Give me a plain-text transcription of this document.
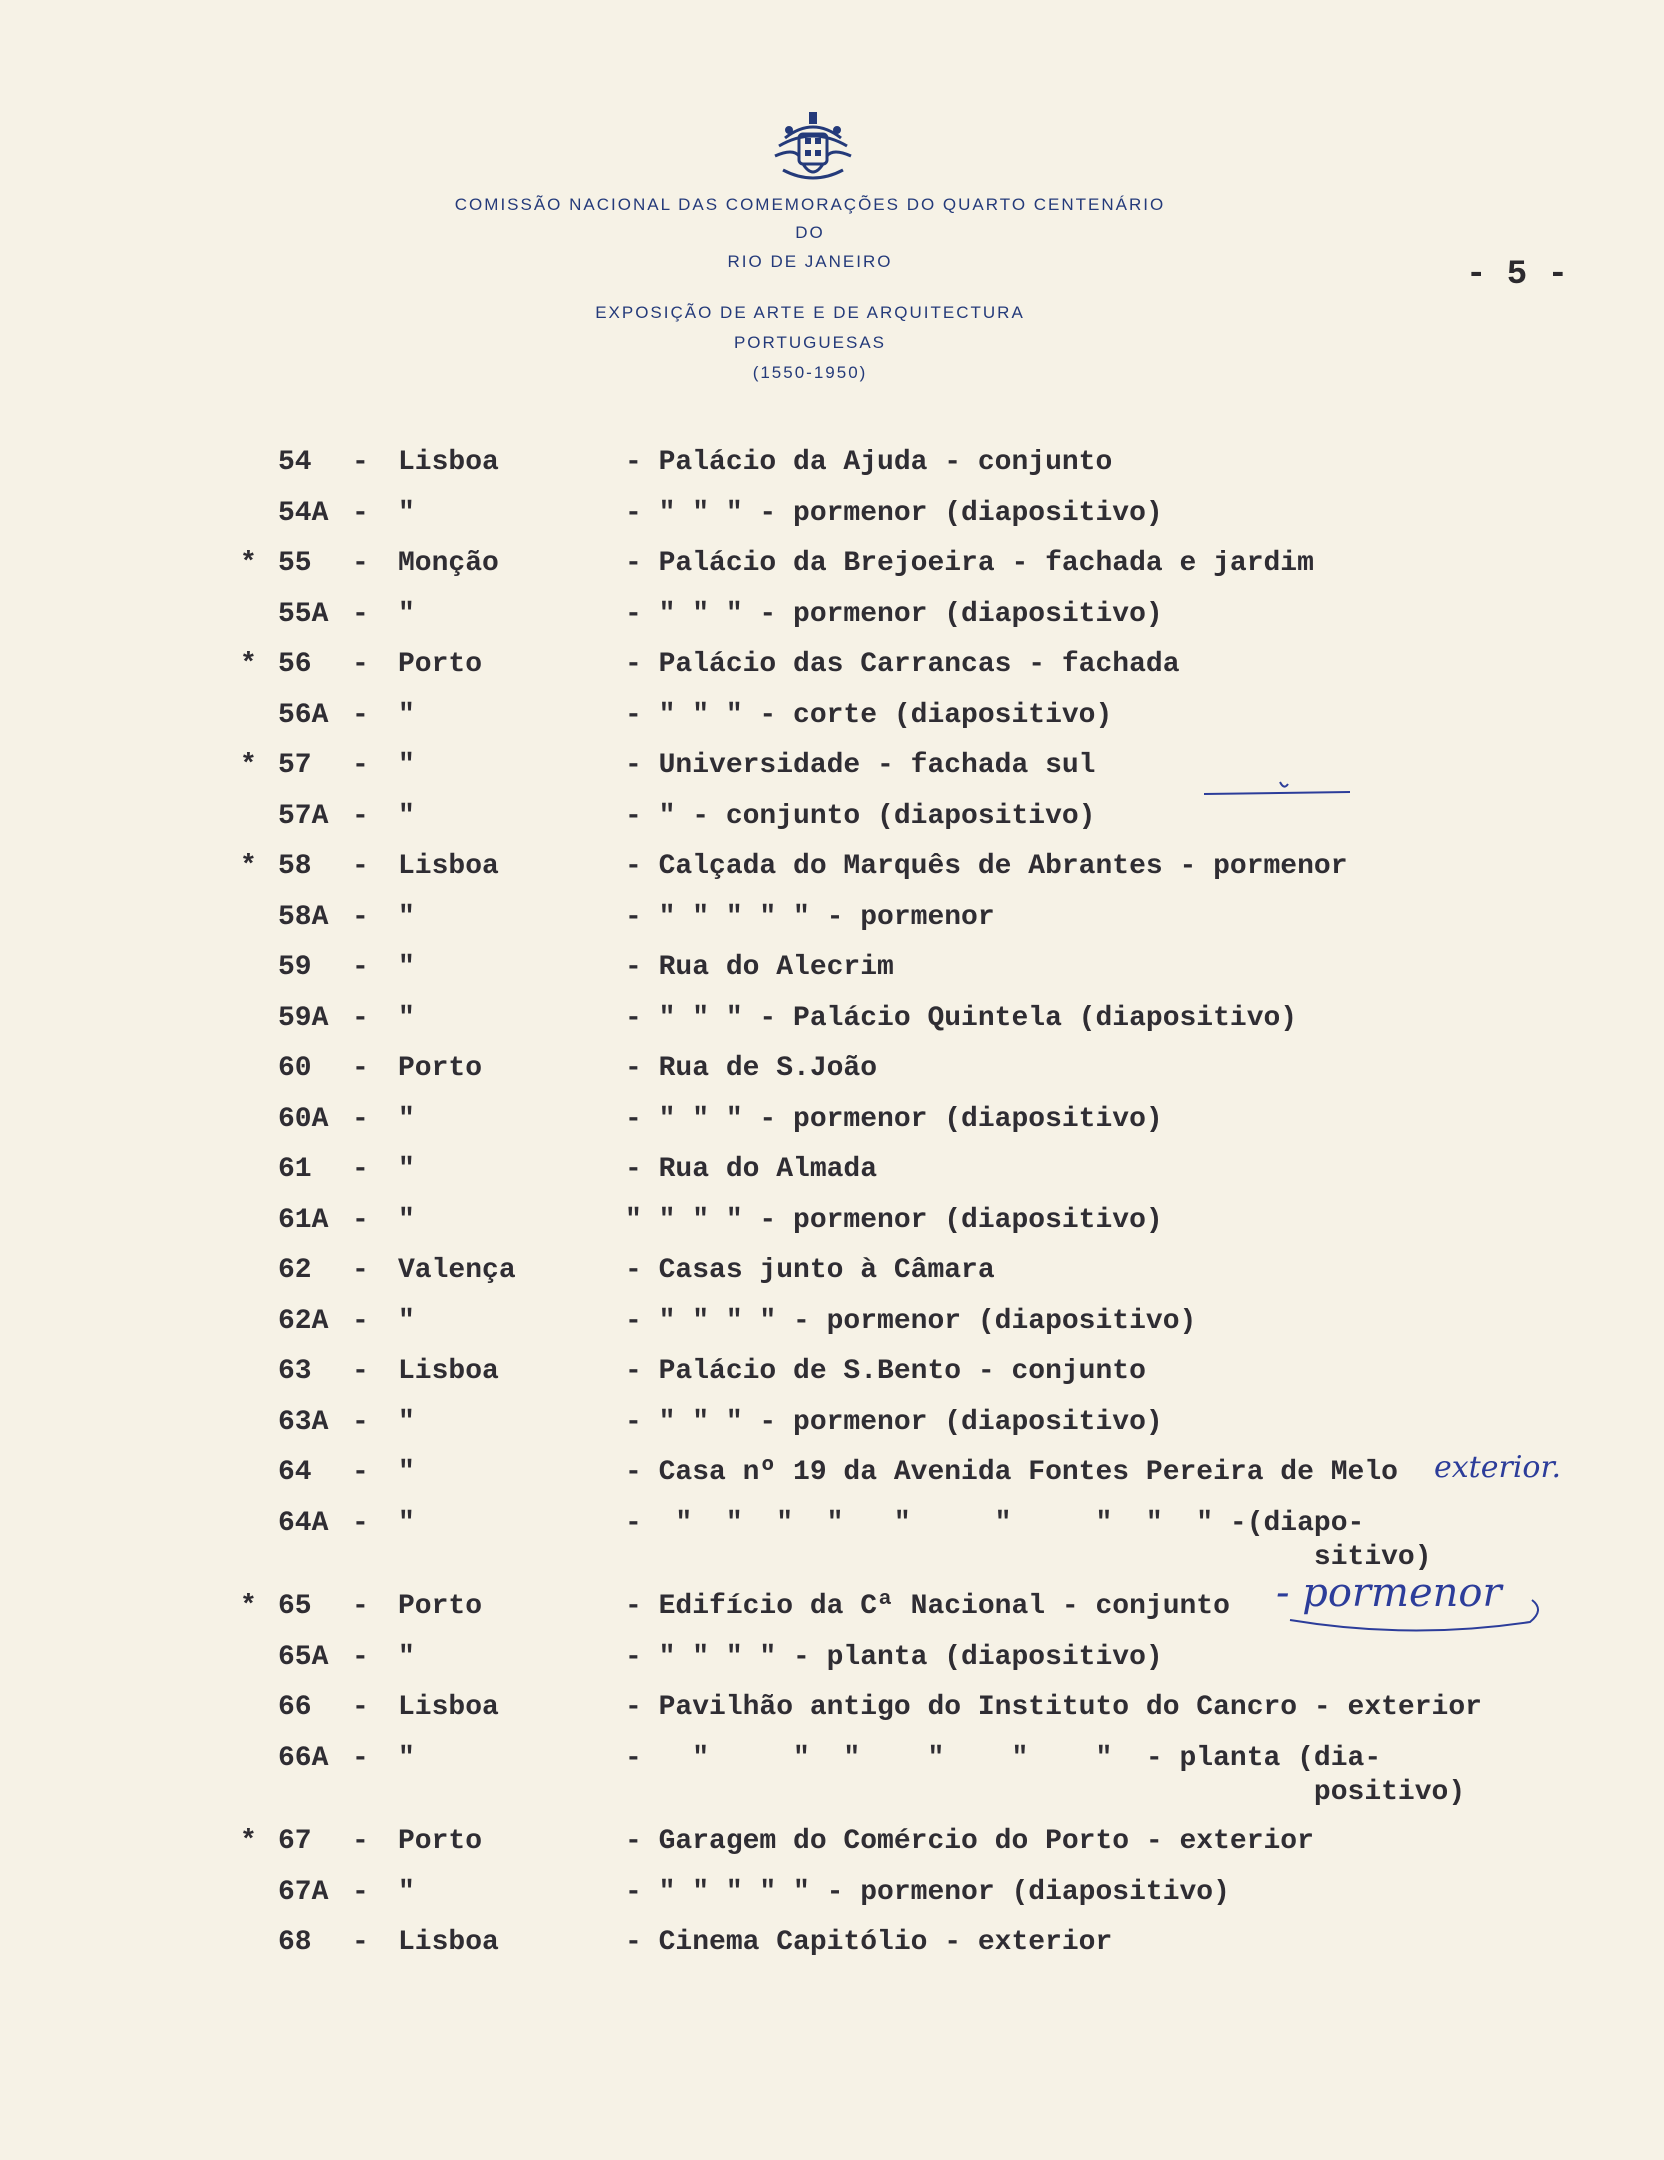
COMISSÃO NACIONAL DAS COMEMORAÇÕES DO QUARTO CENTENÁRIO
DO
RIO DE JANEIRO
EXPOSIÇÃO DE ARTE E DE ARQUITECTURA
PORTUGUESAS
(1550-1950)
- 5 -
54	-	Lisboa	- Palácio da Ajuda - conjunto
54A -	"	- " " " - pormenor (diapositivo)
* 55	-	Monção	- Palácio da Brejoeira - fachada e jardim
55A -	"	- " " " - pormenor (diapositivo)
* 56	-	Porto	- Palácio das Carrancas - fachada
56A -	"	- " " " - corte (diapositivo)
* 57	-	"	- Universidade - fachada sul
57A -	"	- " - conjunto (diapositivo)
* 58	-	Lisboa	- Calçada do Marquês de Abrantes - pormenor
58A -	"	- " " " " " - pormenor
59	-	"	- Rua do Alecrim
59A -	"	- " " " - Palácio Quintela (diapositivo)
60	-	Porto	- Rua de S.João
60A -	"	- " " " - pormenor (diapositivo)
61	-	"	- Rua do Almada
61A -	"	" " " " - pormenor (diapositivo)
62	-	Valença	- Casas junto à Câmara
62A -	"	- " " " " - pormenor (diapositivo)
63	-	Lisboa	- Palácio de S.Bento - conjunto
63A -	"	- " " " - pormenor (diapositivo)
64	-	"	- Casa nº 19 da Avenida Fontes Pereira de Melo
64A -	"	-  "  "  "  "   "     "     "  "  " -(diapo-
sitivo)
* 65	-	Porto	- Edifício da Cª Nacional - conjunto
65A -	"	- " " " " - planta (diapositivo)
66	-	Lisboa	- Pavilhão antigo do Instituto do Cancro - exterior
66A -	"	-   "     "  "    "    "    "  - planta (dia-
positivo)
* 67	-	Porto	- Garagem do Comércio do Porto - exterior
67A -	"	- " " " " " - pormenor (diapositivo)
68	-	Lisboa	- Cinema Capitólio - exterior
exterior.
- pormenor
